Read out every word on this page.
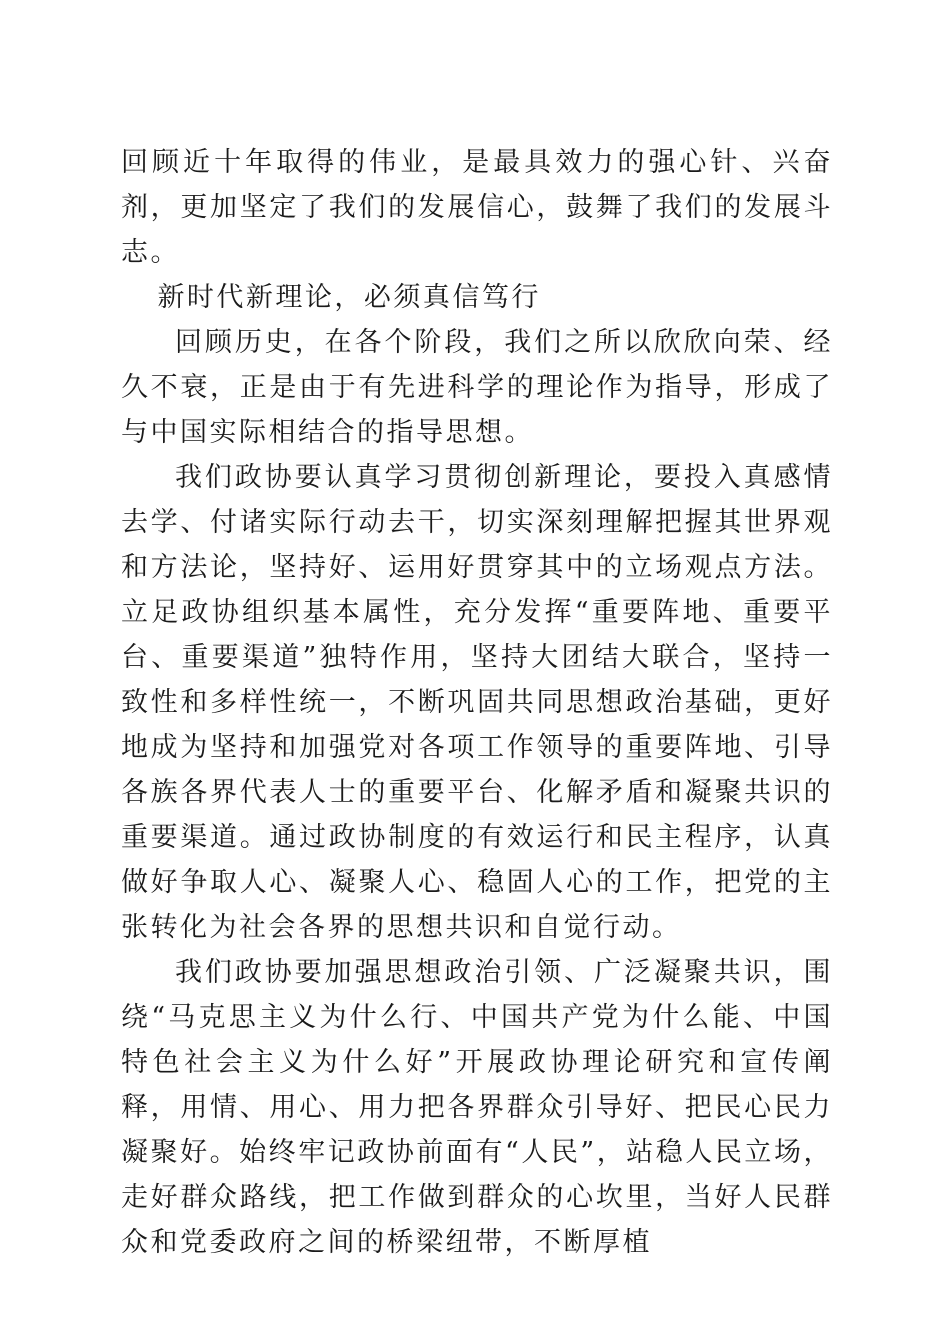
回顾近十年取得的伟业，是最具效力的强心针、兴奋剂，更加坚定了我们的发展信心，鼓舞了我们的发展斗志。

新时代新理论，必须真信笃行

回顾历史，在各个阶段，我们之所以欣欣向荣、经久不衰，正是由于有先进科学的理论作为指导，形成了与中国实际相结合的指导思想。

我们政协要认真学习贯彻创新理论，要投入真感情去学、付诸实际行动去干，切实深刻理解把握其世界观和方法论，坚持好、运用好贯穿其中的立场观点方法。立足政协组织基本属性，充分发挥“重要阵地、重要平台、重要渠道”独特作用，坚持大团结大联合，坚持一致性和多样性统一，不断巩固共同思想政治基础，更好地成为坚持和加强党对各项工作领导的重要阵地、引导各族各界代表人士的重要平台、化解矛盾和凝聚共识的重要渠道。通过政协制度的有效运行和民主程序，认真做好争取人心、凝聚人心、稳固人心的工作，把党的主张转化为社会各界的思想共识和自觉行动。

我们政协要加强思想政治引领、广泛凝聚共识，围绕“马克思主义为什么行、中国共产党为什么能、中国特色社会主义为什么好”开展政协理论研究和宣传阐释，用情、用心、用力把各界群众引导好、把民心民力凝聚好。始终牢记政协前面有“人民”，站稳人民立场，走好群众路线，把工作做到群众的心坎里，当好人民群众和党委政府之间的桥梁纽带，不断厚植
